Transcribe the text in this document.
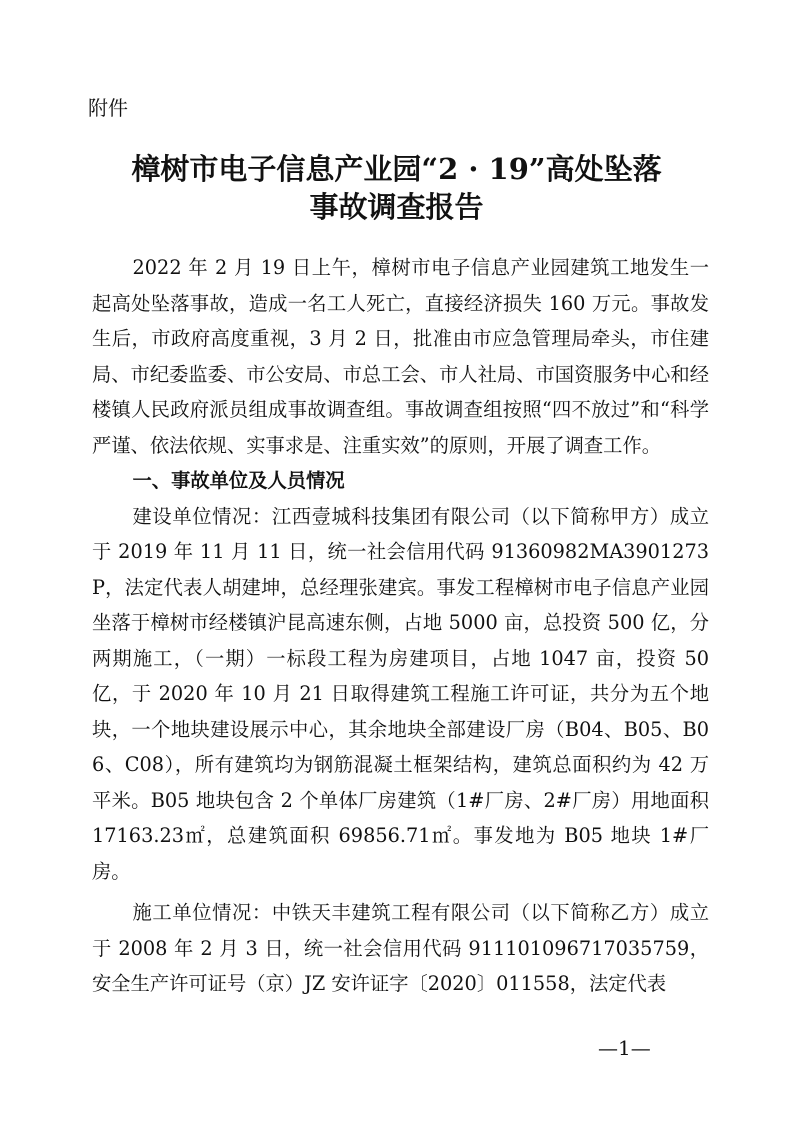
附件

樟树市电子信息产业园“2 · 19”高处坠落
事故调查报告

2022 年 2 月 19 日上午，樟树市电子信息产业园建筑工地发生一起高处坠落事故，造成一名工人死亡，直接经济损失 160 万元。事故发生后，市政府高度重视，3 月 2 日，批准由市应急管理局牵头，市住建局、市纪委监委、市公安局、市总工会、市人社局、市国资服务中心和经楼镇人民政府派员组成事故调查组。事故调查组按照“四不放过”和“科学严谨、依法依规、实事求是、注重实效”的原则，开展了调查工作。

一、事故单位及人员情况

建设单位情况：江西壹城科技集团有限公司（以下简称甲方）成立于 2019 年 11 月 11 日，统一社会信用代码 91360982MA3901273P，法定代表人胡建坤，总经理张建宾。事发工程樟树市电子信息产业园坐落于樟树市经楼镇沪昆高速东侧，占地 5000 亩，总投资 500 亿，分两期施工，（一期）一标段工程为房建项目，占地 1047 亩，投资 50 亿，于 2020 年 10 月 21 日取得建筑工程施工许可证，共分为五个地块，一个地块建设展示中心，其余地块全部建设厂房（B04、B05、B06、C08），所有建筑均为钢筋混凝土框架结构，建筑总面积约为 42 万平米。B05 地块包含 2 个单体厂房建筑（1#厂房、2#厂房）用地面积 17163.23㎡，总建筑面积 69856.71㎡。事发地为 B05 地块 1#厂房。

施工单位情况：中铁天丰建筑工程有限公司（以下简称乙方）成立于 2008 年 2 月 3 日，统一社会信用代码 911101096717035759，安全生产许可证号（京）JZ 安许证字〔2020〕011558，法定代表

—1—
